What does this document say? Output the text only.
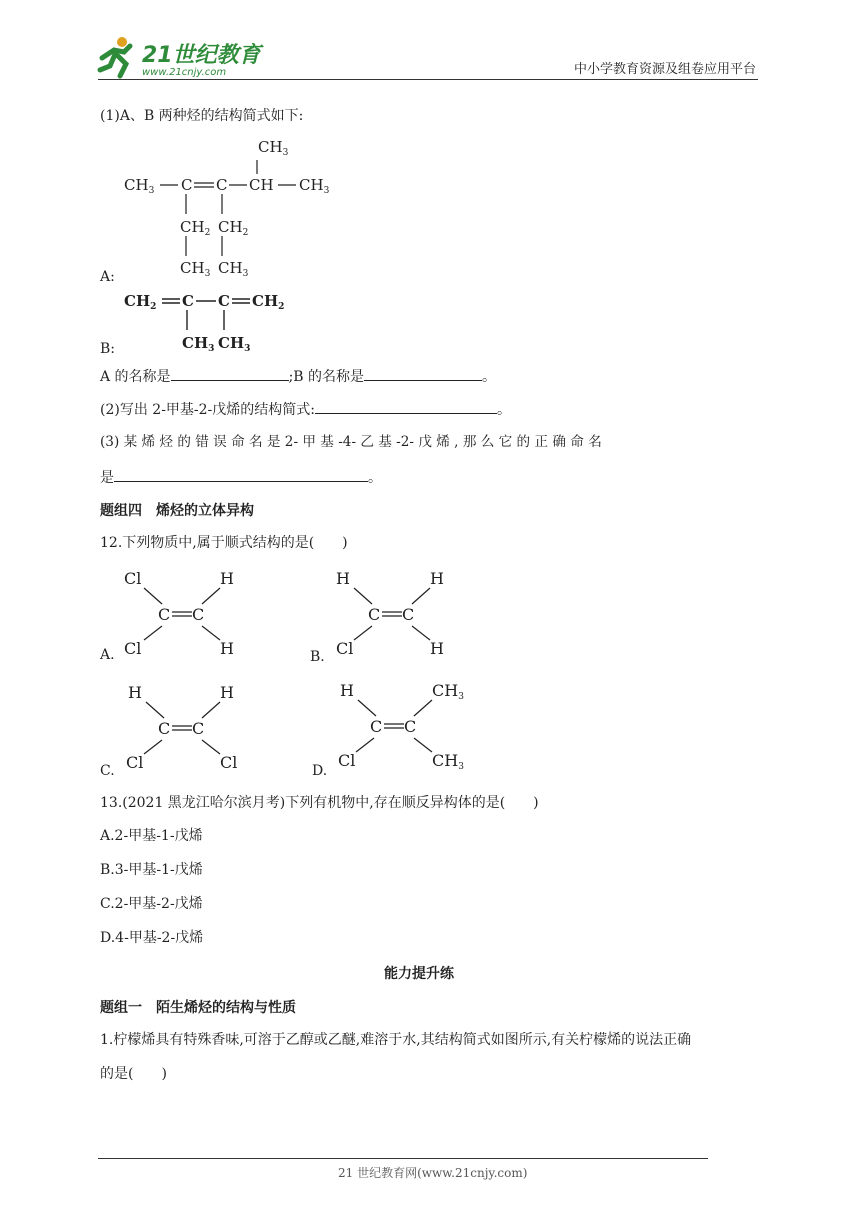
21世纪教育
www.21cnjy.com	中小学教育资源及组卷应用平台
(1)A、B 两种烃的结构简式如下:
$CH_3$
$CH_3$ C C CH $CH_3$
$CH_2$ $CH_2$
$CH_3$ $CH_3$
A:
$CH_2$ C C $CH_2$
$CH_3$ $CH_3$
B:
A 的名称是	;B 的名称是	。
(2)写出 2-甲基-2-戊烯的结构简式:	。
(3) 某 烯 烃 的 错 误 命 名 是 2- 甲 基 -4- 乙 基 -2- 戊 烯 , 那 么 它 的 正 确 命 名
是	。
题组四　烯烃的立体异构
12.下列物质中,属于顺式结构的是(　　)
A.
Cl	H
C C
Cl	H	B.
H	H
C C
Cl	H
C.
H	H
C C
Cl	Cl	D.
H	CH3
C C
Cl	CH3
13.(2021 黑龙江哈尔滨月考)下列有机物中,存在顺反异构体的是(　　)
A.2-甲基-1-戊烯
B.3-甲基-1-戊烯
C.2-甲基-2-戊烯
D.4-甲基-2-戊烯
能力提升练
题组一　陌生烯烃的结构与性质
1.柠檬烯具有特殊香味,可溶于乙醇或乙醚,难溶于水,其结构简式如图所示,有关柠檬烯的说法正确
的是(　　)
21 世纪教育网(www.21cnjy.com)
